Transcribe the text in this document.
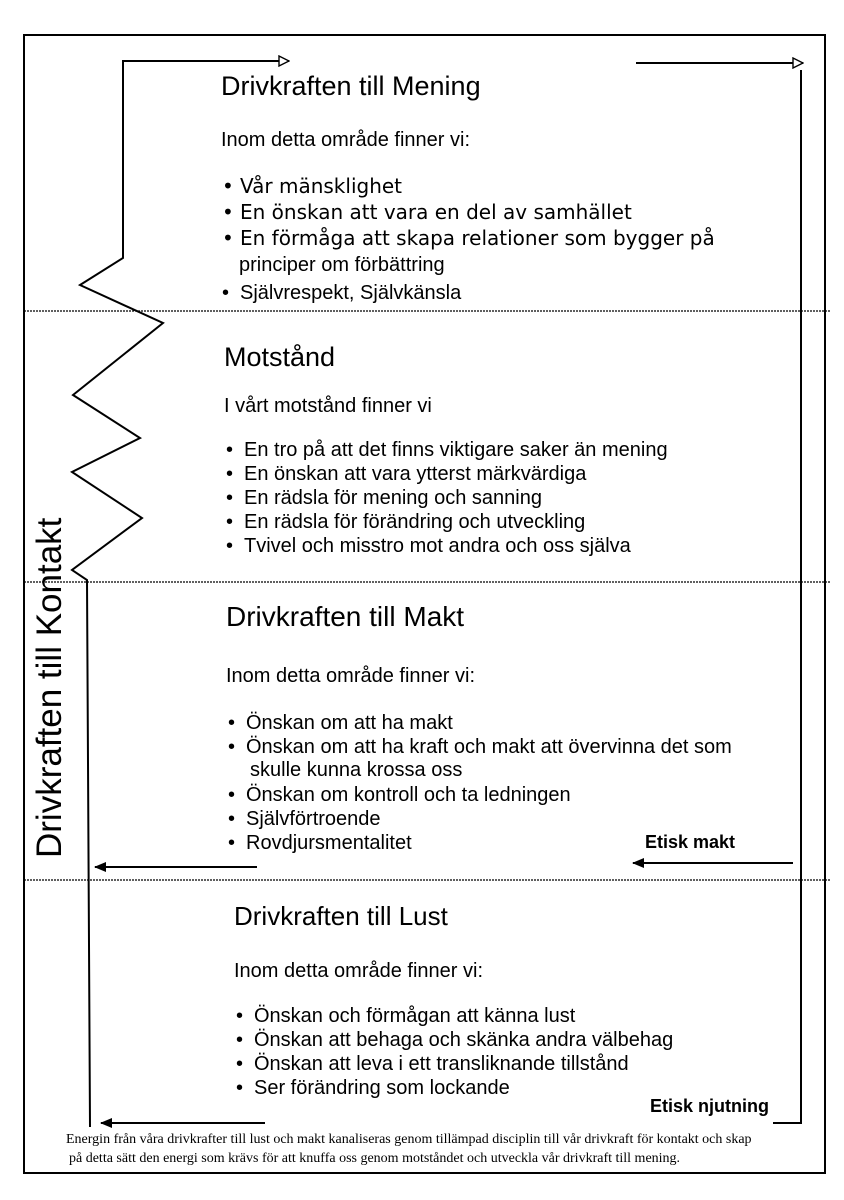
Drivkraften till Kontakt
Drivkraften till Mening

Inom detta område finner vi:

• Vår mänsklighet
• En önskan att vara en del av samhället
• En förmåga att skapa relationer som bygger på
principer om förbättring
• Självrespekt, Självkänsla
Motstånd

I vårt motstånd finner vi

• En tro på att det finns viktigare saker än mening
• En önskan att vara ytterst märkvärdiga
• En rädsla för mening och sanning
• En rädsla för förändring och utveckling
• Tvivel och misstro mot andra och oss själva
Drivkraften till Makt

Inom detta område finner vi:

• Önskan om att ha makt
• Önskan om att ha kraft och makt att övervinna det som
skulle kunna krossa oss
• Önskan om kontroll och ta ledningen
• Självförtroende
• Rovdjursmentalitet	Etisk makt
Drivkraften till Lust

Inom detta område finner vi:

• Önskan och förmågan att känna lust
• Önskan att behaga och skänka andra välbehag
• Önskan att leva i ett transliknande tillstånd
• Ser förändring som lockande
Etisk njutning
Energin från våra drivkrafter till lust och makt kanaliseras genom tillämpad disciplin till vår drivkraft för kontakt och skap
på detta sätt den energi som krävs för att knuffa oss genom motståndet och utveckla vår drivkraft till mening.
